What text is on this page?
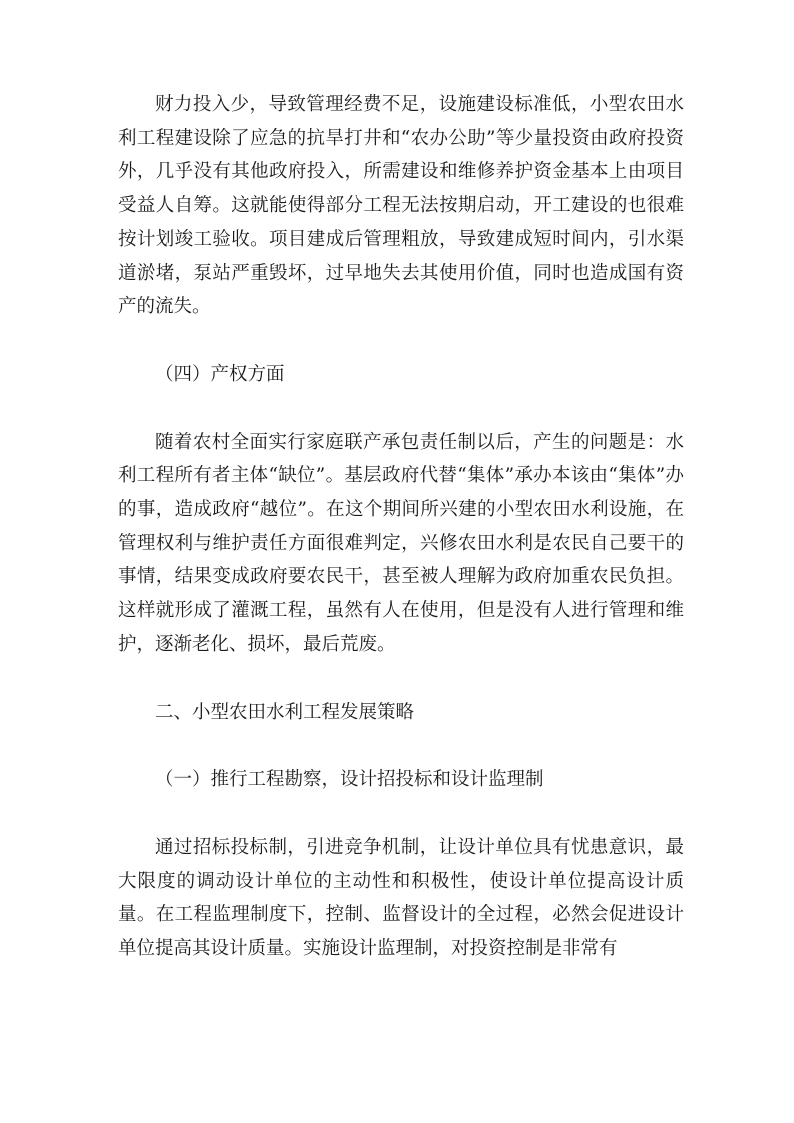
财力投入少，导致管理经费不足，设施建设标准低，小型农田水利工程建设除了应急的抗旱打井和“农办公助”等少量投资由政府投资外，几乎没有其他政府投入，所需建设和维修养护资金基本上由项目受益人自筹。这就能使得部分工程无法按期启动，开工建设的也很难按计划竣工验收。项目建成后管理粗放，导致建成短时间内，引水渠道淤堵，泵站严重毁坏，过早地失去其使用价值，同时也造成国有资产的流失。

（四）产权方面

随着农村全面实行家庭联产承包责任制以后，产生的问题是：水利工程所有者主体“缺位”。基层政府代替“集体”承办本该由“集体”办的事，造成政府“越位”。在这个期间所兴建的小型农田水利设施，在管理权利与维护责任方面很难判定，兴修农田水利是农民自己要干的事情，结果变成政府要农民干，甚至被人理解为政府加重农民负担。这样就形成了灌溉工程，虽然有人在使用，但是没有人进行管理和维护，逐渐老化、损坏，最后荒废。

二、小型农田水利工程发展策略

（一）推行工程勘察，设计招投标和设计监理制

通过招标投标制，引进竞争机制，让设计单位具有忧患意识，最大限度的调动设计单位的主动性和积极性，使设计单位提高设计质量。在工程监理制度下，控制、监督设计的全过程，必然会促进设计单位提高其设计质量。实施设计监理制，对投资控制是非常有
